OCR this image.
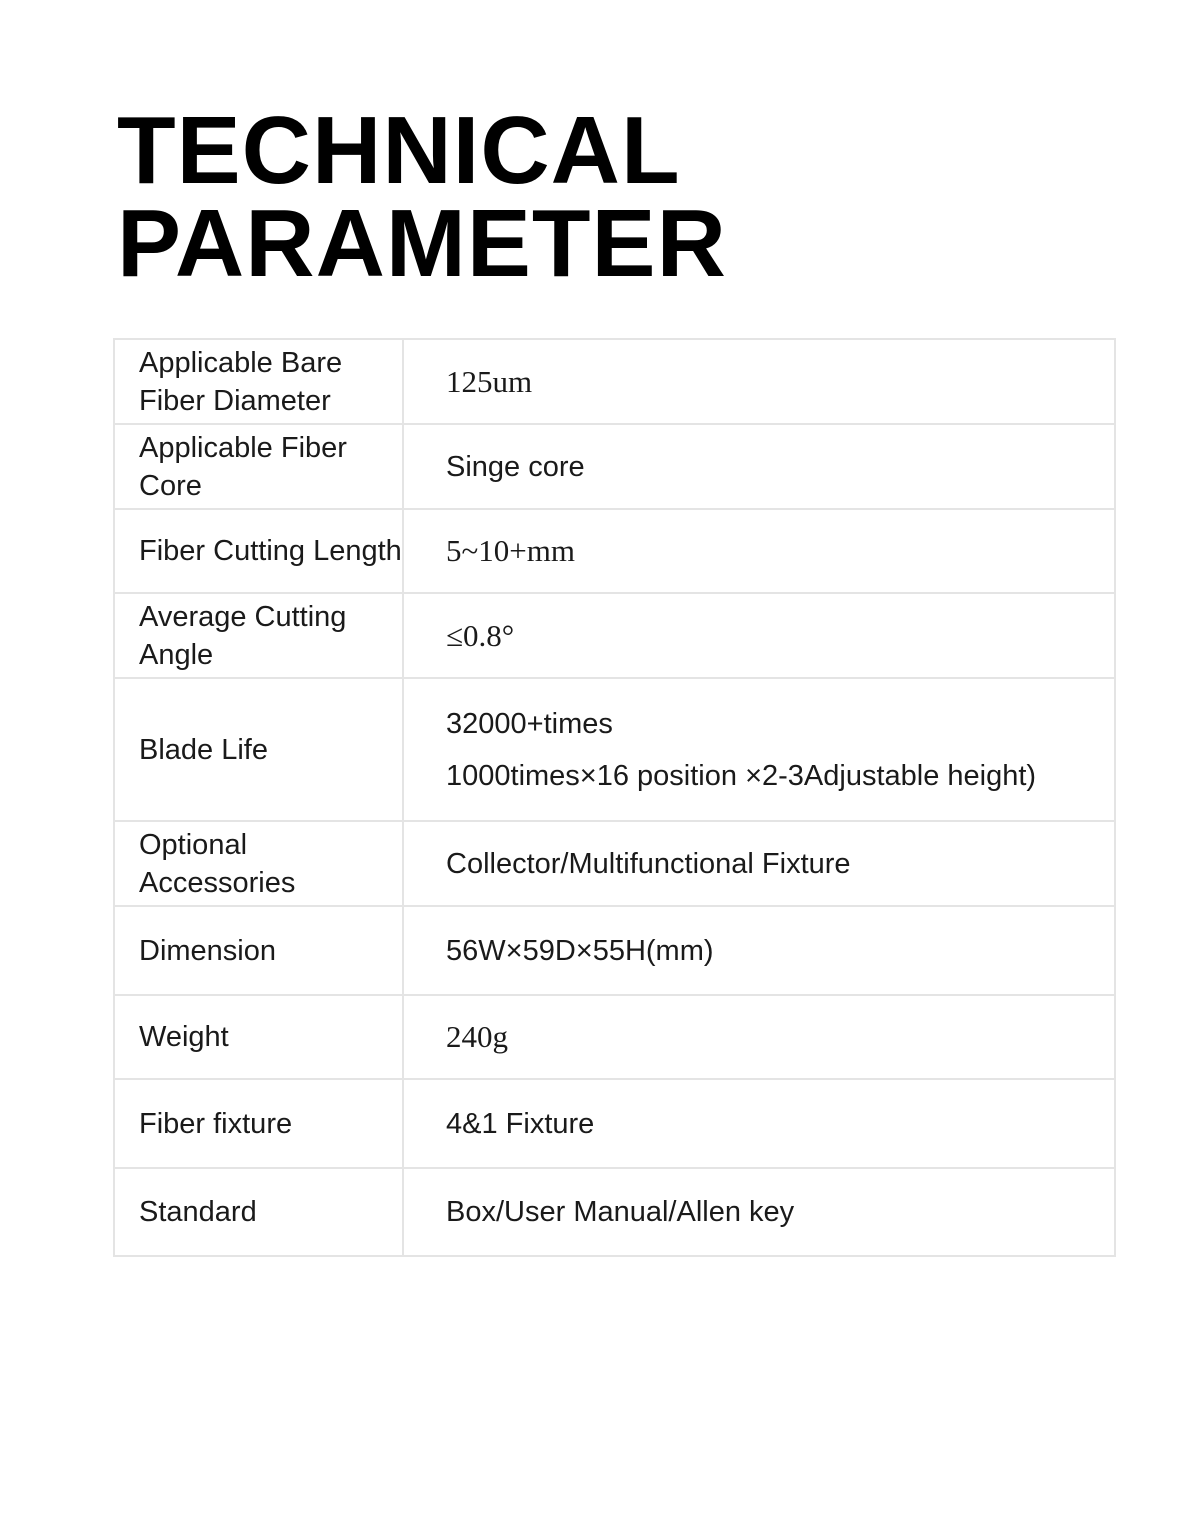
TECHNICAL
PARAMETER
Applicable Bare Fiber Diameter	125um

Applicable Fiber Core	Singe core

Fiber Cutting Length	5~10+mm

Average Cutting Angle	≤0.8°

Blade Life	32000+times
1000times×16 position ×2-3Adjustable height)

Optional Accessories	Collector/Multifunctional Fixture

Dimension	56W×59D×55H(mm)

Weight	240g

Fiber fixture	4&1 Fixture

Standard	Box/User Manual/Allen key
